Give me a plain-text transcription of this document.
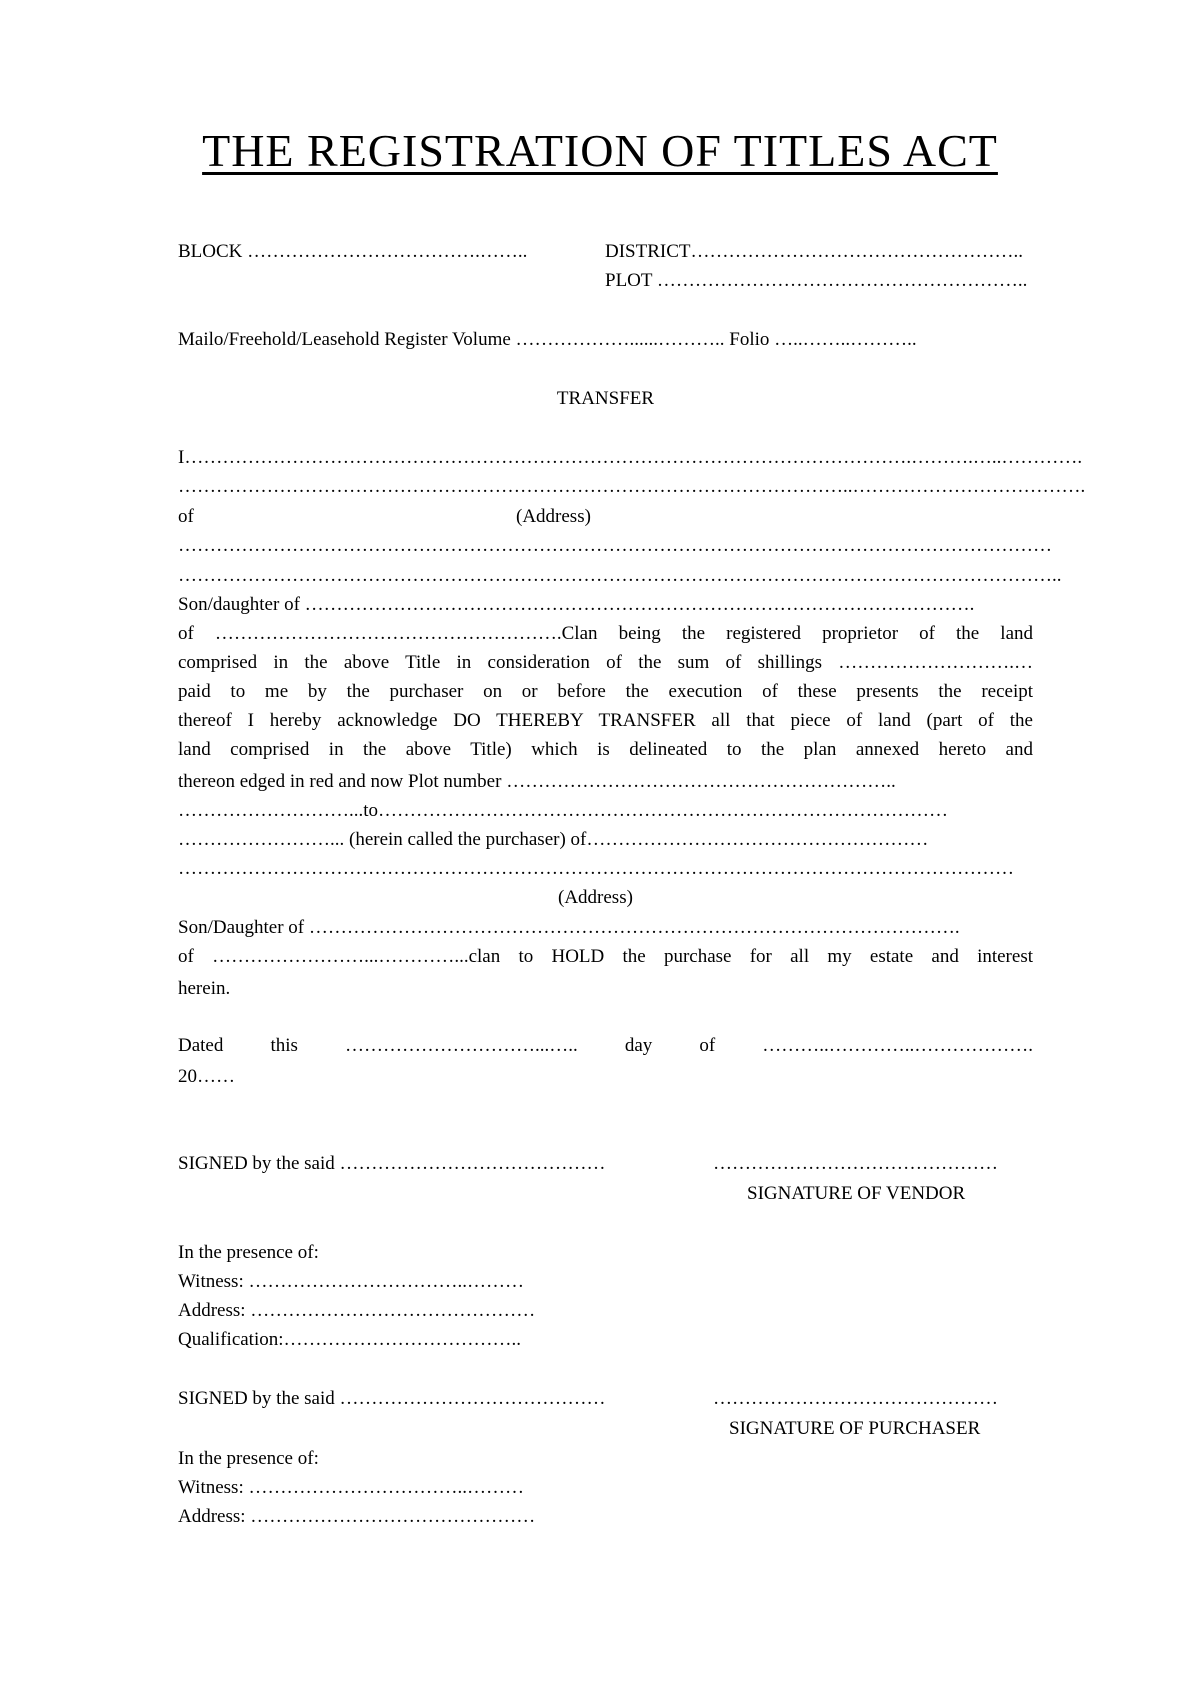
THE REGISTRATION OF TITLES ACT

BLOCK ……………………………….……..	DISTRICT……………………………………………..

PLOT …………………………………………………..

Mailo/Freehold/Leasehold Register Volume ………………......……….. Folio …..……..………..

TRANSFER

I…………………………………………………………………………………………………….……….…..………….

……………………………………………………………………………………………..……………………………….

of	(Address)

…………………………………………………………………………………………………………………………

…………………………………………………………………………………………………………………………..

Son/daughter of …………………………………………………………………………………………….

of ……………………………………………….Clan being the registered proprietor of the land

comprised in the above Title in consideration of the sum of shillings ……………………….…

paid to me by the purchaser on or before the execution of these presents the receipt

thereof I hereby acknowledge DO THEREBY TRANSFER all that piece of land (part of the

land comprised in the above Title) which is delineated to the plan annexed hereto and

thereon edged in red and now Plot number ……………………………………………………..

………………………...to………………………………………………………………………………

……………………... (herein called the purchaser) of………………………………………………

……………………………………………………………………………………………………………………

(Address)

Son/Daughter of ………………………………………………………………………………………….

of ……………………...…………...clan to HOLD the purchase for all my estate and interest

herein.

Dated this …………………………...….. day of ………..…………..……………….

20……

SIGNED by the said ……………………………………	………………………………………

SIGNATURE OF VENDOR

In the presence of:

Witness: ……………………………..………

Address: ………………………………………

Qualification:………………………………..

SIGNED by the said ……………………………………	………………………………………

SIGNATURE OF PURCHASER

In the presence of:

Witness: ……………………………..………

Address: ………………………………………
